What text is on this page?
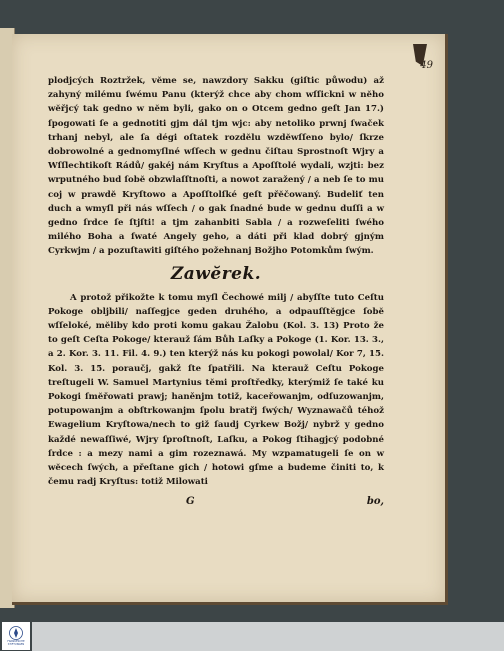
49

plodjcých Roztržek, vĕme se, nawzdory Sakku (giſtic půwodu) až zahyný milému ſwému Panu (kterýž chce aby chom wſſickni w nĕho wĕřjcý tak gedno w nĕm byli, gako on o Otcem gedno geſt Jan 17.) ſpogowati ſe a gednotiti gjm dál tjm wjc: aby netoliko prwnj ſwaček trhanj nebyl, ale ſa dégi oſtatek rozdĕlu wzdĕwſſeno bylo/ ſkrze dobrowolné a gednomyſlné wſſech w gednu čiſtau Sprostnoſt Wjry a Wſſlechtikoſt Rádů/ gakéj nám Kryſtus a Apoſſtolé wydali, wzjti: bez wrputného bud ſobĕ obzwlaſſtnoſti, a nowot zaražený / a neb ſe to mu coj w prawdĕ Kryſtowo a Apoſſtolſké geſt přĕčowaný. Budeliť ten duch a wmyſl při nás wſſech / o gak ſnadné bude w gednu duſſi a w gedno ſrdce ſe ſtjſti! a tjm zahanbiti Sabla / a rozweſeliti ſwého milého Boha a ſwaté Angely geho, a dáti při klad dobrý gjným Cyrkwjm / a pozuſtawiti giſtého požehnanj Božjho Potomkům ſwým.

Zawĕrek.

A protož přikožte k tomu myſl Čechowé milj / abyſſte tuto Ceſtu Pokoge obljbili/ naſſegjce geden druhého, a odpauſſtĕgjce ſobĕ wſſeloké, mĕliby kdo proti komu gakau Žalobu (Kol. 3. 13) Proto že to geſt Ceſta Pokoge/ kterauž ſám Bůh Laſky a Pokoge (1. Kor. 13. 3., a 2. Kor. 3. 11. Fil. 4. 9.) ten kterýž nás ku pokogi powolal/ Kor 7, 15. Kol. 3. 15. poraučj, gakž ſte ſpatřili. Na kterauž Ceſtu Pokoge treſtugeli W. Samuel Martynius tĕmi proſtředky, kterýmiž ſe také ku Pokogi ſmĕřowati prawj; haněnjm totiž, kaceřowanjm, odſuzowanjm, potupowanjm a obſtrkowanjm ſpolu bratřj ſwých/ Wyznawačů téhož Ewagelium Kryſtowa/nech to giž ſaudj Cyrkew Božj/ nybrž y gedno každé newaſſiwé, Wjry ſproſtnoſt, Laſku, a Pokog ſtihagjcý podobné ſrdce : a mezy nami a gim rozeznawá. My wzpamatugeli ſe on w wĕcech ſwých, a přeſtane gich / hotowi gſme a budeme činiti to, k čemu radj Kryſtus: totiž Milowati

G	bo,
FRANKESCHE STIFTUNGEN
